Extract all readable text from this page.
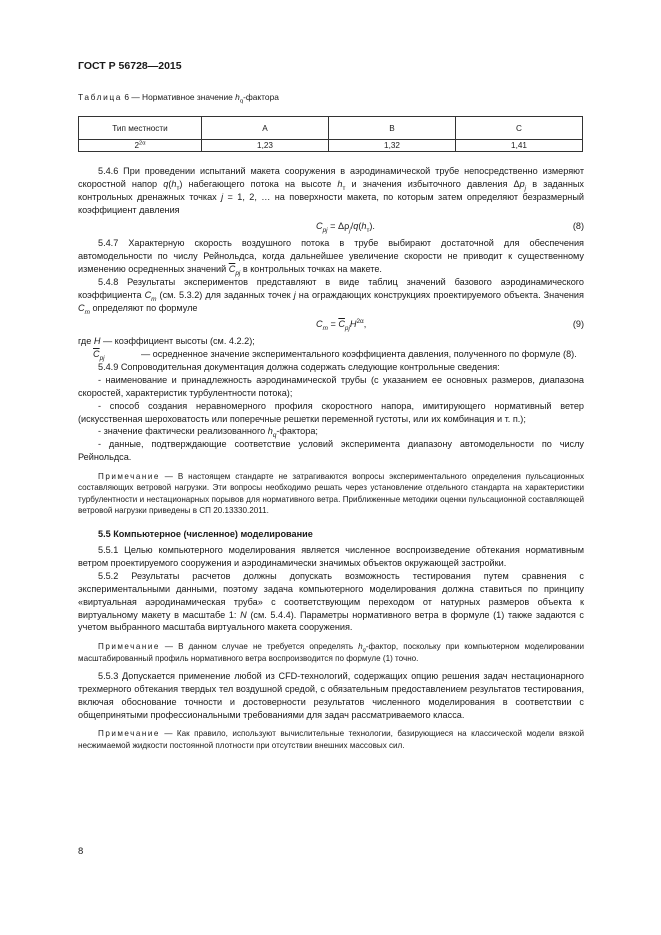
ГОСТ Р 56728—2015
Таблица 6 — Нормативное значение $h_q$-фактора
Тип местности	A	B	C
$2^{2\alpha}$	1,23	1,32	1,41

5.4.6 При проведении испытаний макета сооружения в аэродинамической трубе непосредственно измеряют скоростной напор $q(h_т)$ набегающего потока на высоте $h_т$ и значения избыточного давления $\Delta p_j$ в заданных контрольных дренажных точках j = 1, 2, … на поверхности макета, по которым затем определяют безразмерный коэффициент давления

$C_{pj} = \Delta\rho_j/q(h_т)$.	(8)

5.4.7 Характерную скорость воздушного потока в трубе выбирают достаточной для обеспечения автомодельности по числу Рейнольдса, когда дальнейшее увеличение скорости не приводит к существенному изменению осредненных значений $\overline{C}_{pj}$ в контрольных точках на макете.

5.4.8 Результаты экспериментов представляют в виде таблиц значений базового аэродинамического коэффициента $C_m$ (см. 5.3.2) для заданных точек j на ограждающих конструкциях проектируемого объекта. Значения $C_m$ определяют по формуле

$C_m = \overline{C}_{pj}H^{2\alpha}$,	(9)

где H — коэффициент высоты (см. 4.2.2);

$\overline{C}_{pj}$	— осредненное значение экспериментального коэффициента давления, полученного по формуле (8).

5.4.9 Сопроводительная документация должна содержать следующие контрольные сведения:

- наименование и принадлежность аэродинамической трубы (с указанием ее основных размеров, диапазона скоростей, характеристик турбулентности потока);

- способ создания неравномерного профиля скоростного напора, имитирующего нормативный ветер (искусственная шероховатость или поперечные решетки переменной густоты, или их комбинация и т. п.);

- значение фактически реализованного $h_q$-фактора;

- данные, подтверждающие соответствие условий эксперимента диапазону автомодельности по числу Рейнольдса.

Примечание — В настоящем стандарте не затрагиваются вопросы экспериментального определения пульсационных составляющих ветровой нагрузки. Эти вопросы необходимо решать через установление отдельного стандарта на характеристики турбулентности и нестационарных порывов для нормативного ветра. Приближенные методики оценки пульсационной составляющей ветровой нагрузки приведены в СП 20.13330.2011.

5.5 Компьютерное (численное) моделирование

5.5.1 Целью компьютерного моделирования является численное воспроизведение обтекания нормативным ветром проектируемого сооружения и аэродинамически значимых объектов окружающей застройки.

5.5.2 Результаты расчетов должны допускать возможность тестирования путем сравнения с экспериментальными данными, поэтому задача компьютерного моделирования должна ставиться по принципу «виртуальная аэродинамическая труба» с соответствующим переходом от натурных размеров объекта к виртуальному макету в масштабе 1: N (см. 5.4.4). Параметры нормативного ветра в формуле (1) также задаются с учетом выбранного масштаба виртуального макета сооружения.

Примечание — В данном случае не требуется определять $h_q$-фактор, поскольку при компьютерном моделировании масштабированный профиль нормативного ветра воспроизводится по формуле (1) точно.

5.5.3 Допускается применение любой из CFD-технологий, содержащих опцию решения задач нестационарного трехмерного обтекания твердых тел воздушной средой, с обязательным предоставлением результатов тестирования, включая обоснование точности и достоверности результатов численного моделирования в соответствии с общепринятыми профессиональными требованиями для задач рассматриваемого класса.

Примечание — Как правило, используют вычислительные технологии, базирующиеся на классической модели вязкой несжимаемой жидкости постоянной плотности при отсутствии внешних массовых сил.

8
